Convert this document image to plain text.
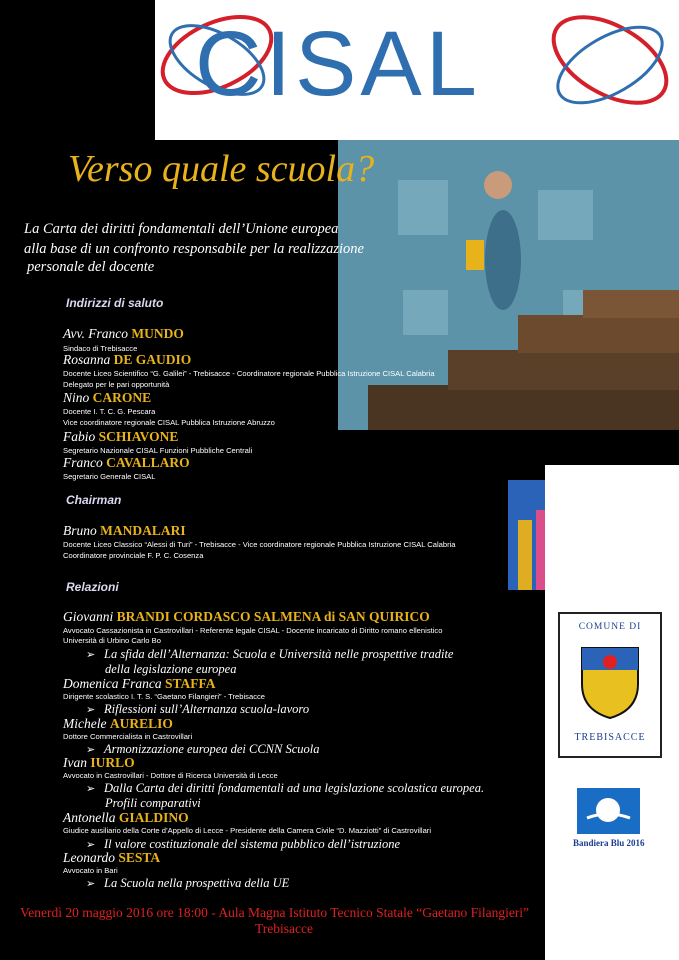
CISAL
Verso quale scuola?
La Carta dei diritti fondamentali dell’Unione europea
alla base di un confronto responsabile per la realizzazione
personale del docente
Indirizzi di saluto
Avv. Franco MUNDO
Sindaco di Trebisacce
Rosanna DE GAUDIO
Docente Liceo Scientifico “G. Galilei” - Trebisacce - Coordinatore regionale Pubblica Istruzione CISAL Calabria
Delegato per le pari opportunità
Nino CARONE
Docente I. T. C. G. Pescara
Vice coordinatore regionale CISAL Pubblica Istruzione Abruzzo
Fabio SCHIAVONE
Segretario Nazionale CISAL Funzioni Pubbliche Centrali
Franco CAVALLARO
Segretario Generale CISAL
Chairman
Bruno MANDALARI
Docente Liceo Classico “Alessi di Turi” - Trebisacce - Vice coordinatore regionale Pubblica Istruzione CISAL Calabria
Coordinatore provinciale F. P. C. Cosenza
COMUNE DI
TREBISACCE
Bandiera Blu 2016
Relazioni
Giovanni BRANDI CORDASCO SALMENA di SAN QUIRICO
Avvocato Cassazionista in Castrovillari - Referente legale CISAL - Docente incaricato di Diritto romano ellenistico
Università di Urbino Carlo Bo
➢ La sfida dell’Alternanza: Scuola e Università nelle prospettive tradite
della legislazione europea
Domenica Franca STAFFA
Dirigente scolastico I. T. S. “Gaetano Filangieri” - Trebisacce
➢ Riflessioni sull’Alternanza scuola-lavoro
Michele AURELIO
Dottore Commercialista in Castrovillari
➢ Armonizzazione europea dei CCNN Scuola
Ivan IURLO
Avvocato in Castrovillari - Dottore di Ricerca Università di Lecce
➢ Dalla Carta dei diritti fondamentali ad una legislazione scolastica europea.
Profili comparativi
Antonella GIALDINO
Giudice ausiliario della Corte d’Appello di Lecce - Presidente della Camera Civile “D. Mazziotti” di Castrovillari
➢ Il valore costituzionale del sistema pubblico dell’istruzione
Leonardo SESTA
Avvocato in Bari
➢ La Scuola nella prospettiva della UE
Venerdì 20 maggio 2016 ore 18:00 - Aula Magna Istituto Tecnico Statale “Gaetano Filangieri”
Trebisacce
